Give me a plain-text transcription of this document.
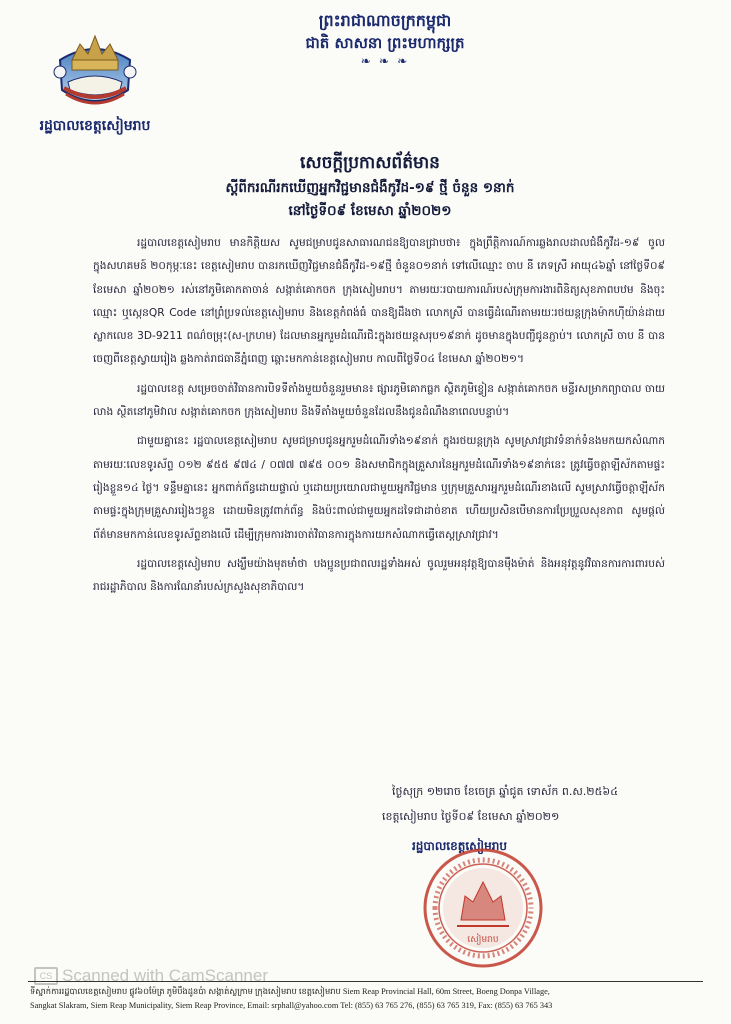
រដ្ឋបាលខេត្តសៀមរាប
ព្រះរាជាណាចក្រកម្ពុជា
ជាតិ សាសនា ព្រះមហាក្សត្រ
❧ ❧ ❧
សេចក្តីប្រកាសព័ត៌មាន
ស្តីពីករណីរកឃើញអ្នកវិជ្ជមានជំងឺកូវីដ-១៩ ថ្មី ចំនួន ១នាក់
នៅថ្ងៃទី០៩ ខែមេសា ឆ្នាំ២០២១

រដ្ឋបាលខេត្តសៀមរាប មានកិត្តិយស សូមជម្រាបជូនសាធារណជនឱ្យបានជ្រាបថា៖ ក្នុងព្រឹត្តិការណ៍ការឆ្លងរាលដាលជំងឺកូវីដ-១៩ ចូលក្នុងសហគមន៍ ២០កុម្ភៈនេះ ខេត្តសៀមរាប បានរកឃើញវិជ្ជមានជំងឺកូវីដ-១៩ថ្មី ចំនួន០១នាក់ ទៅលើឈ្មោះ ចាប នី ភេទស្រី អាយុ៤៦ឆ្នាំ នៅថ្ងៃទី០៩ ខែមេសា ឆ្នាំ២០២១ រស់នៅភូមិគោកតាចាន់ សង្កាត់គោកចក ក្រុងសៀមរាប។ តាមរយៈរបាយការណ៍របស់ក្រុមការងារពិនិត្យសុខភាពបឋម និងចុះឈ្មោះ ឬស្កេនQR Code នៅព្រំប្រទល់ខេត្តសៀមរាប និងខេត្តកំពង់ធំ បានឱ្យដឹងថា លោកស្រី បានធ្វើដំណើរតាមរយៈរថយន្តក្រុងម៉ាកហ៊ីយ៉ាន់ដាយ ស្លាកលេខ 3D-9211 ពណ៌ចម្រុះ(ស-ក្រហម) ដែលមានអ្នករួមដំណើរជិះក្នុងរថយន្តសរុប១៩នាក់ ដូចមានក្នុងបញ្ជីជូនភ្ជាប់។ លោកស្រី ចាប នី បានចេញពីខេត្តស្វាយរៀង ឆ្លងកាត់រាជធានីភ្នំពេញ ឆ្ពោះមកកាន់ខេត្តសៀមរាប កាលពីថ្ងៃទី០៤ ខែមេសា ឆ្នាំ២០២១។

រដ្ឋបាលខេត្ត សម្រេចចាត់វិធានការបិទទីតាំងមួយចំនួនរួមមាន៖ ផ្សារភូមិគោកធ្លក ស្ថិតភូមិខ្វៀន សង្កាត់គោកចក មន្ទីរសម្រាកព្យាបាល ចាយ លាង ស្ថិតនៅភូមិវាល សង្កាត់គោកចក ក្រុងសៀមរាប និងទីតាំងមួយចំនួនដែលនឹងជូនដំណឹងនាពេលបន្ទាប់។

ជាមួយគ្នានេះ រដ្ឋបាលខេត្តសៀមរាប សូមជម្រាបជូនអ្នករួមដំណើរទាំង១៩នាក់ ក្នុងរថយន្តក្រុង សូមស្រាវជ្រាវទំនាក់ទំនងមកយកសំណាកតាមរយៈលេខទូរស័ព្ទ ០១២ ៩៥៥ ៩៧៤ / ០៧៧ ៧៩៥ ០០១ និងសមាជិកក្នុងគ្រួសារនៃអ្នករួមដំណើរទាំង១៩នាក់នេះ ត្រូវធ្វើចត្តាឡីស័កតាមផ្ទះរៀងខ្លួន១៤ ថ្ងៃ។ ទន្ទឹមគ្នានេះ អ្នកពាក់ព័ន្ធដោយផ្ទាល់ ឬដោយប្រយោលជាមួយអ្នកវិជ្ជមាន ឬក្រុមគ្រួសារអ្នករួមដំណើរខាងលើ សូមស្រាវធ្វើចត្តាឡីស័កតាមផ្ទះក្នុងក្រុមគ្រួសាររៀងៗខ្លួន ដោយមិនត្រូវពាក់ព័ន្ធ និងប៉ះពាល់ជាមួយអ្នកដទៃជាដាច់ខាត ហើយប្រសិនបើមានការប្រែប្រួលសុខភាព សូមផ្តល់ព័ត៌មានមកកាន់លេខទូរស័ព្ទខាងលើ ដើម្បីក្រុមការងារចាត់វិធានការក្នុងការយកសំណាកធ្វើតេស្តស្រាវជ្រាវ។

រដ្ឋបាលខេត្តសៀមរាប សង្ឃឹមយ៉ាងមុតមាំថា បងប្អូនប្រជាពលរដ្ឋទាំងអស់ ចូលរួមអនុវត្តឱ្យបានម៉ឺងម៉ាត់ និងអនុវត្តនូវវិធានការការពារបស់រាជរដ្ឋាភិបាល និងការណែនាំរបស់ក្រសួងសុខាភិបាល។

ថ្ងៃសុក្រ ១២រោច ខែចេត្រ ឆ្នាំជូត ទោស័ក ព.ស.២៥៦៤
ខេត្តសៀមរាប ថ្ងៃទី០៩ ខែមេសា ឆ្នាំ២០២១
រដ្ឋបាលខេត្តសៀមរាប
សៀមរាប
CS Scanned with CamScanner
ទីស្នាក់ការរដ្ឋបាលខេត្តសៀមរាប ផ្លូវ៦០ម៉ែត្រ ភូមិបឹងដូនប៉ា សង្កាត់ស្លក្រាម ក្រុងសៀមរាប ខេត្តសៀមរាប Siem Reap Provincial Hall, 60m Street, Boeng Donpa Village,
Sangkat Slakram, Siem Reap Municipality, Siem Reap Province, Email: srphall@yahoo.com Tel: (855) 63 765 276, (855) 63 765 319, Fax: (855) 63 765 343
